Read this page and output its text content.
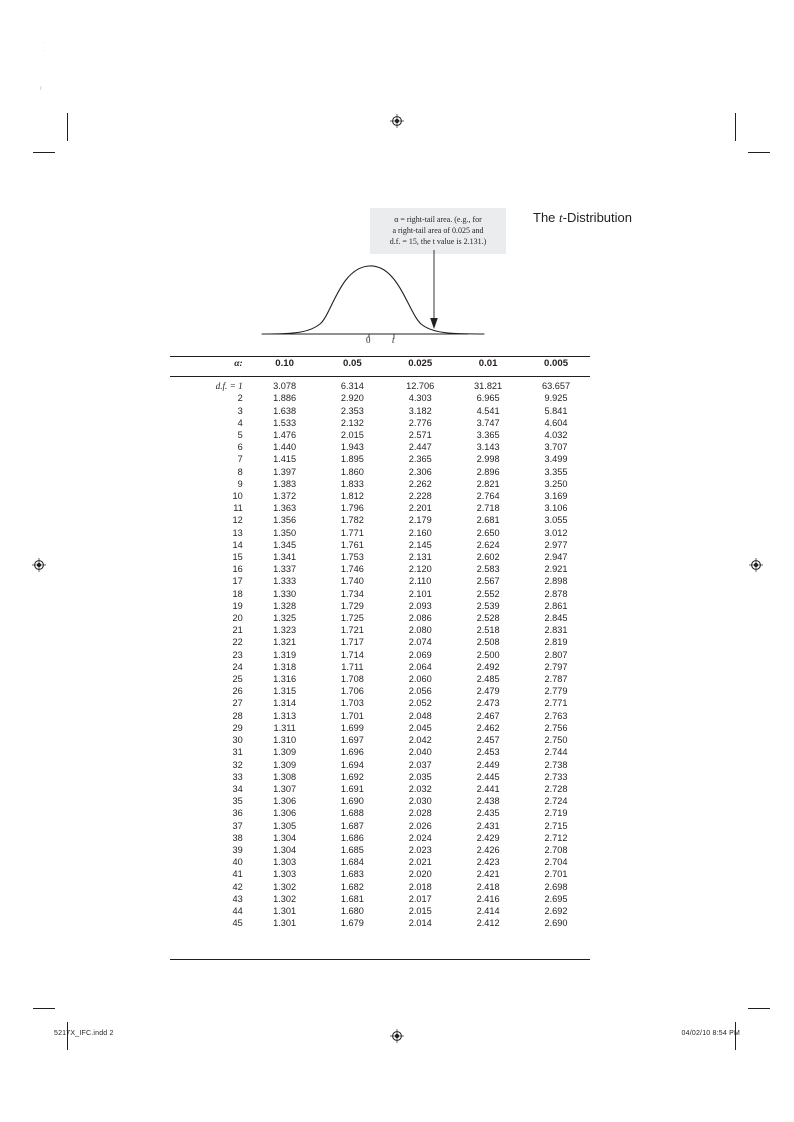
·
·
r
The t-Distribution
α = right-tail area. (e.g., for
a right-tail area of 0.025 and
d.f. = 15, the t value is 2.131.)
0 t
α:	0.10	0.05	0.025	0.01	0.005

d.f. = 1	3.078	6.314	12.706	31.821	63.657
2	1.886	2.920	4.303	6.965	9.925
3	1.638	2.353	3.182	4.541	5.841
4	1.533	2.132	2.776	3.747	4.604
5	1.476	2.015	2.571	3.365	4.032
6	1.440	1.943	2.447	3.143	3.707
7	1.415	1.895	2.365	2.998	3.499
8	1.397	1.860	2.306	2.896	3.355
9	1.383	1.833	2.262	2.821	3.250
10	1.372	1.812	2.228	2.764	3.169
11	1.363	1.796	2.201	2.718	3.106
12	1.356	1.782	2.179	2.681	3.055
13	1.350	1.771	2.160	2.650	3.012
14	1.345	1.761	2.145	2.624	2.977
15	1.341	1.753	2.131	2.602	2.947
16	1.337	1.746	2.120	2.583	2.921
17	1.333	1.740	2.110	2.567	2.898
18	1.330	1.734	2.101	2.552	2.878
19	1.328	1.729	2.093	2.539	2.861
20	1.325	1.725	2.086	2.528	2.845
21	1.323	1.721	2.080	2.518	2.831
22	1.321	1.717	2.074	2.508	2.819
23	1.319	1.714	2.069	2.500	2.807
24	1.318	1.711	2.064	2.492	2.797
25	1.316	1.708	2.060	2.485	2.787
26	1.315	1.706	2.056	2.479	2.779
27	1.314	1.703	2.052	2.473	2.771
28	1.313	1.701	2.048	2.467	2.763
29	1.311	1.699	2.045	2.462	2.756
30	1.310	1.697	2.042	2.457	2.750
31	1.309	1.696	2.040	2.453	2.744
32	1.309	1.694	2.037	2.449	2.738
33	1.308	1.692	2.035	2.445	2.733
34	1.307	1.691	2.032	2.441	2.728
35	1.306	1.690	2.030	2.438	2.724
36	1.306	1.688	2.028	2.435	2.719
37	1.305	1.687	2.026	2.431	2.715
38	1.304	1.686	2.024	2.429	2.712
39	1.304	1.685	2.023	2.426	2.708
40	1.303	1.684	2.021	2.423	2.704
41	1.303	1.683	2.020	2.421	2.701
42	1.302	1.682	2.018	2.418	2.698
43	1.302	1.681	2.017	2.416	2.695
44	1.301	1.680	2.015	2.414	2.692
45	1.301	1.679	2.014	2.412	2.690
5217X_IFC.indd 2	04/02/10 8:54 PM
